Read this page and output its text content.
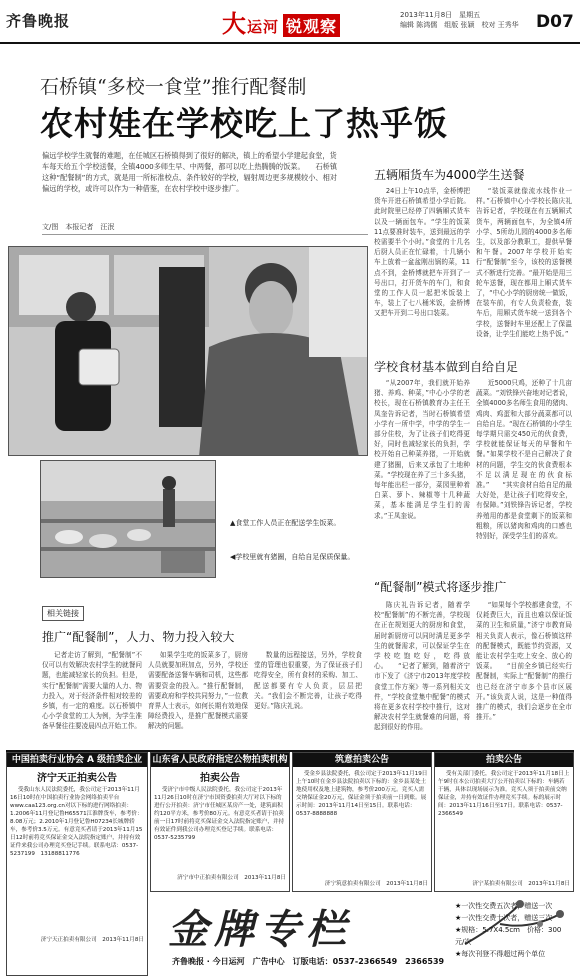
齐鲁晚报	大运河 锐观察
2013年11月8日　星期五
编辑 陈鸿儒　组版 张颖　校对 王秀华	D07
石桥镇“多校一食堂”推行配餐制
农村娃在学校吃上了热乎饭
偏远学校学生就餐的难题，在任城区石桥镇得到了很好的解决，镇上的希望小学建起食堂，货车每天给五个学校送餐，全镇4000多师生早、中两餐，都可以吃上热腾腾的饭菜。　　石桥镇这种“配餐制”的方式，就是用一所标准校点、条件较好的学校，辐射周边更多规模较小、相对偏远的学校，或许可以作为一种借鉴，在农村学校中逐步推广。
文/图　本报记者　汪泯
▲食堂工作人员正在配送学生饭菜。
◀学校里就有猪圈，自给自足保质保量。
五辆厢货车为4000学生送餐
24日上午10点半，金桥博把货车开进石桥镇希望小学后院。此时院里已经停了四辆厢式货车以及一辆面包车。“学生的饭菜11点要准时装车，送到最远的学校需要半个小时。”食堂的十几名后厨人员正在忙碌着，十几辆小车上放着一盆盆刚出锅的菜，11点不到，金桥博就把车开到了一号出口，打开货车的车门，和食堂的工作人员一起把米饭装上车，装上了七八桶米饭，金桥博又把车开到二号出口装菜。
“装饭菜就像流水线作业一样。”石桥镇中心小学校长陈庆礼告诉记者，学校现在有五辆厢式货车，两辆面包车，为全镇4所小学、5所幼儿园的4000多名师生，以及部分教职工，提供早餐和午餐。2007年学校开始实行“配餐制”至今，该校的送餐模式不断进行完善。“最开始是用三轮车送餐，现在都用上厢式货车了，“中心小学的厨房统一做饭，在装车前，有专人负责检查，装车后，用厢式货车统一送到各个学校，送餐时车里还配上了保温设备，让学生们能吃上热乎饭。”
学校食材基本做到自给自足
“从2007年，我们就开始养猪、养鸡、种菜，”中心小学的老校长，现在石桥镇教育办主任王凤奎告诉记者，当时石桥镇希望小学有一所中学，中学的学生一部分住校，为了让孩子们吃得更好，同时也减轻家长的负担，学校开始自己种菜养猪，一开始就建了猪圈，后来又承包了土地种菜。“学校现在养了三十多头猪，每年能出栏一部分，菜园里种着白菜、萝卜、辣椒等十几种蔬菜，基本能满足学生们的需求。”王凤奎说。
近5000只鸡，还种了十几亩蔬菜。“刘铁锋兴奋地对记者说，全镇4000多名师生食用的猪肉、鸡肉、鸡蛋和大部分蔬菜都可以自给自足。“现在石桥镇的小学生每学期只需交450元的伙食费，学校就能保证每天的早餐和午餐。”如果学校不是自己解决了食材的问题，学生交的伙食费根本不足以满足现在的伙食标准。”　　“其实食材自给自足的最大好处，是让孩子们吃得安全，有保障。”刘铁锋告诉记者，学校养殖用的都是食堂剩下的饭菜和粗粮，所以猪肉和鸡肉的口感也特别好，深受学生们的喜欢。
“配餐制”模式将逐步推广
陈庆礼告诉记者，随着学校“配餐制”的不断完善，学校现在正在规划更大的厨房和食堂，届时新厨房可以同时满足更多学生的就餐需求，可以保证学生在学校吃饱吃好，吃得放心。　　“记者了解到，随着济宁市下发了《济宁市2013年度学校食堂工作方案》等一系列相关文件，“学校食堂集中配餐”的模式将在更多农村学校中推行，这对解决农村学生就餐难的问题，将起到很好的作用。
“如果每个学校都建食堂，不仅耗费巨大，而且也难以保证饭菜的卫生和质量，”济宁市教育局相关负责人表示，像石桥镇这样的配餐模式，既能节约资源，又能让农村学生吃上安全、放心的饭菜。　　“目前全乡镇已经实行配餐制，实际上“配餐制”的推行也已经在济宁市多个县市区展开。”该负责人说，这是一种值得推广的模式，我们会逐步在全市推开。”
相关链接
推广“配餐制”，人力、物力投入较大
记者走访了解到，“配餐制”不仅可以有效解决农村学生的就餐问题，也能减轻家长的负担。但是，实行“配餐制”需要大量的人力、物力投入，对于经济条件相对较差的乡镇，有一定的难度。以石桥镇中心小学食堂的工人为例，为学生准备早餐往往要凌晨四点开始工作。
如果学生吃的饭菜多了，厨房人员就要加班加点，另外，学校还需要配备送餐车辆和司机，这些都需要资金的投入。“推行配餐制，需要政府和学校共同努力，”一位教育界人士表示，如何长期有效地保障经费投入，是推广配餐模式需要解决的问题。
数量的远程接送，另外，学校食堂的管理也很重要，为了保证孩子们吃得安全，所有食材的采购、加工、配送都要有专人负责，层层把关。“我们会不断完善，让孩子吃得更好。”陈庆礼说。
中国拍卖行业协会 A 级拍卖企业
济宁天正拍卖公告
受我山东人民法院委托，我公司定于2013年11月16日10时在中国拍卖行业协会网络拍卖平台www.caa123.org.cn对以下标的进行网络拍卖：1.2006年11月登记鲁H65571江淮牌货车，参考价：8.08万元；2.2010年1月登记鲁H07234长城牌轿车，参考价3.5万元。有意竞买者请于2013年11月15日12时前将竞买保证金交入法院指定账户，并持有效证件来我公司办理竞买登记手续。联系电话：0537-5237199　13188811776
济宁天正拍卖有限公司　2013年11月8日
山东省人民政府指定公物拍卖机构
拍卖公告
受济宁市中级人民法院委托，我公司定于2013年11月26日10时在济宁市国资委拍卖大厅对以下标的进行公开拍卖：济宁市任城区某房产一处，建筑面积约120平方米，参考价80万元。有意竞买者请于拍卖前一日17时前将竞买保证金交入法院指定账户，并持有效证件到我公司办理竞买登记手续。联系电话：0537-5235799
济宁市中正拍卖有限公司　2013年11月8日
筑意拍卖公告
受金乡县法院委托，我公司定于2013年11月19日上午10时在金乡县法院拍卖以下标的：金乡县某处土地使用权及地上建筑物，参考价200万元。竞买人需交纳保证金20万元，保证金须于拍卖前一日到账。展示时间：2013年11月14日至15日。联系电话：0537-8888888
济宁筑意拍卖有限公司　2013年11月8日
拍卖公告
受有关部门委托，我公司定于2013年11月18日上午9时在本公司拍卖大厅公开拍卖以下标的：车辆若干辆，具体以现场展示为准。竞买人须于拍卖前交纳保证金，并持有效证件办理竞买手续。标的展示时间：2013年11月16日至17日。联系电话：0537-2366549
济宁某拍卖有限公司　2013年11月8日
金牌专栏	★一次性交费五次者，赠送一次
★一次性交费十次者，赠送三次
★规格：5.7X4.5cm　价格：300元/次
★每次刊登不得超过两个单位
齐鲁晚报 · 今日运河　广告中心　订版电话：0537-2366549　2366539
